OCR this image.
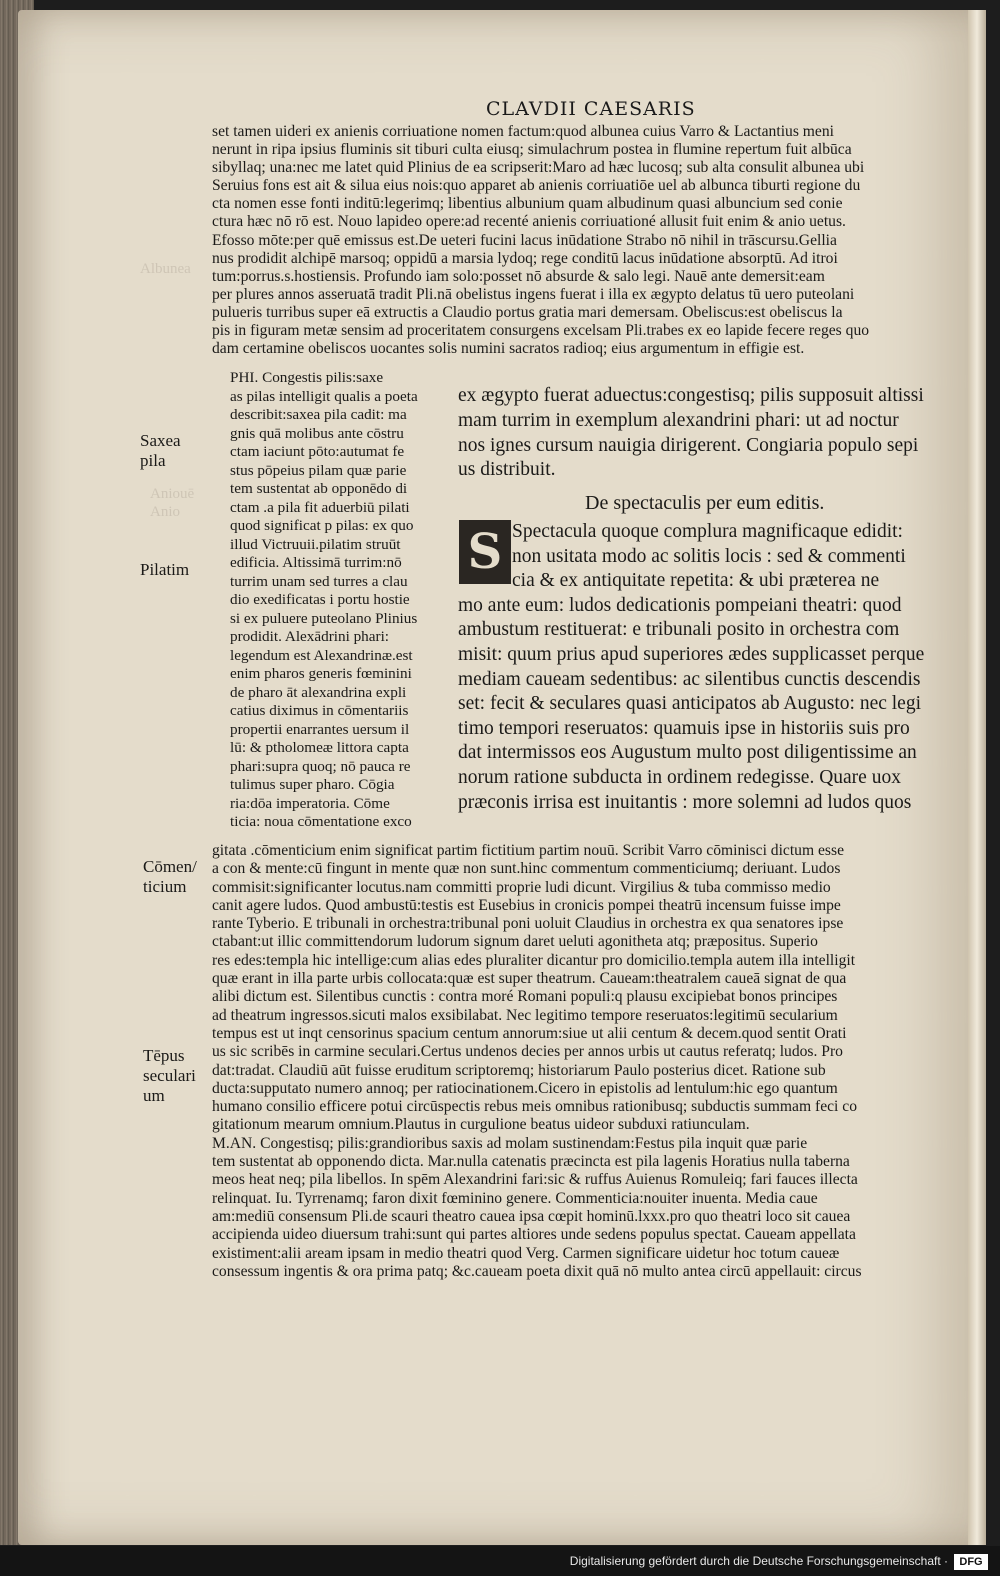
Albunea
Aniouē
Anio
CLAVDII CAESARIS
set tamen uideri ex anienis corriuatione nomen factum:quod albunea cuius Varro & Lactantius meni
nerunt in ripa ipsius fluminis sit tiburi culta eiusq; simulachrum postea in flumine repertum fuit albūca
sibyllaq; una:nec me latet quid Plinius de ea scripserit:Maro ad hæc lucosq; sub alta consulit albunea ubi
Seruius fons est ait & silua eius nois:quo apparet ab anienis corriuatiōe uel ab albunca tiburti regione du
cta nomen esse fonti inditū:legerimq; libentius albunium quam albudinum quasi albuncium sed conie
ctura hæc nō rō est. Nouo lapideo opere:ad recenté anienis corriuationé allusit fuit enim & anio uetus.
Efosso mōte:per quē emissus est.De ueteri fucini lacus inūdatione Strabo nō nihil in trāscursu.Gellia
nus prodidit alchipē marsoq; oppidū a marsia lydoq; rege conditū lacus inūdatione absorptū. Ad itroi
tum:porrus.s.hostiensis. Profundo iam solo:posset nō absurde & salo legi. Nauē ante demersit:eam
per plures annos asseruatā tradit Pli.nā obelistus ingens fuerat i illa ex ægypto delatus tū uero puteolani
pulueris turribus super eā extructis a Claudio portus gratia mari demersam. Obeliscus:est obeliscus la
pis in figuram metæ sensim ad proceritatem consurgens excelsam Pli.trabes ex eo lapide fecere reges quo
dam certamine obeliscos uocantes solis numini sacratos radioq; eius argumentum in effigie est.
PHI. Congestis pilis:saxe
as pilas intelligit qualis a poeta
describit:saxea pila cadit: ma
gnis quā molibus ante cōstru
ctam iaciunt pōto:autumat fe
stus pōpeius pilam quæ parie
tem sustentat ab opponēdo di
ctam .a pila fit aduerbiū pilati
quod significat p pilas: ex quo
illud Victruuii.pilatim struūt
edificia. Altissimā turrim:nō
turrim unam sed turres a clau
dio exedificatas i portu hostie
si ex puluere puteolano Plinius
prodidit. Alexādrini phari:
legendum est Alexandrinæ.est
enim pharos generis fœminini
de pharo āt alexandrina expli
catius diximus in cōmentariis
propertii enarrantes uersum il
lū: & ptholomeæ littora capta
phari:supra quoq; nō pauca re
tulimus super pharo. Cōgia
ria:dōa imperatoria. Cōme
ticia: noua cōmentatione exco
ex ægypto fuerat aduectus:congestisq; pilis supposuit altissi
mam turrim in exemplum alexandrini phari: ut ad noctur
nos ignes cursum nauigia dirigerent. Congiaria populo sepi
us distribuit.
De spectaculis per eum editis.
S Spectacula quoque complura magnificaque edidit:
non usitata modo ac solitis locis : sed & commenti
cia & ex antiquitate repetita: & ubi præterea ne
mo ante eum: ludos dedicationis pompeiani theatri: quod
ambustum restituerat: e tribunali posito in orchestra com
misit: quum prius apud superiores ædes supplicasset perque
mediam caueam sedentibus: ac silentibus cunctis descendis
set: fecit & seculares quasi anticipatos ab Augusto: nec legi
timo tempori reseruatos: quamuis ipse in historiis suis pro
dat intermissos eos Augustum multo post diligentissime an
norum ratione subducta in ordinem redegisse. Quare uox
præconis irrisa est inuitantis : more solemni ad ludos quos
gitata .cōmenticium enim significat partim fictitium partim nouū. Scribit Varro cōminisci dictum esse
a con & mente:cū fingunt in mente quæ non sunt.hinc commentum commenticiumq; deriuant. Ludos
commisit:significanter locutus.nam committi proprie ludi dicunt. Virgilius & tuba commisso medio
canit agere ludos. Quod ambustū:testis est Eusebius in cronicis pompei theatrū incensum fuisse impe
rante Tyberio. E tribunali in orchestra:tribunal poni uoluit Claudius in orchestra ex qua senatores ipse
ctabant:ut illic committendorum ludorum signum daret ueluti agonitheta atq; præpositus. Superio
res edes:templa hic intellige:cum alias edes pluraliter dicantur pro domicilio.templa autem illa intelligit
quæ erant in illa parte urbis collocata:quæ est super theatrum. Caueam:theatralem caueā signat de qua
alibi dictum est. Silentibus cunctis : contra moré Romani populi:q plausu excipiebat bonos principes
ad theatrum ingressos.sicuti malos exsibilabat. Nec legitimo tempore reseruatos:legitimū secularium
tempus est ut inqt censorinus spacium centum annorum:siue ut alii centum & decem.quod sentit Orati
us sic scribēs in carmine seculari.Certus undenos decies per annos urbis ut cautus referatq; ludos. Pro
dat:tradat. Claudiū aūt fuisse eruditum scriptoremq; historiarum Paulo posterius dicet. Ratione sub
ducta:supputato numero annoq; per ratiocinationem.Cicero in epistolis ad lentulum:hic ego quantum
humano consilio efficere potui circūspectis rebus meis omnibus rationibusq; subductis summam feci co
gitationum mearum omnium.Plautus in curgulione beatus uideor subduxi ratiunculam.
M.AN. Congestisq; pilis:grandioribus saxis ad molam sustinendam:Festus pila inquit quæ parie
tem sustentat ab opponendo dicta. Mar.nulla catenatis præcincta est pila lagenis Horatius nulla taberna
meos heat neq; pila libellos. In spēm Alexandrini fari:sic & ruffus Auienus Romuleiq; fari fauces illecta
relinquat. Iu. Tyrrenamq; faron dixit fœminino genere. Commenticia:nouiter inuenta. Media caue
am:mediū consensum Pli.de scauri theatro cauea ipsa cœpit hominū.lxxx.pro quo theatri loco sit cauea
accipienda uideo diuersum trahi:sunt qui partes altiores unde sedens populus spectat. Caueam appellata
existiment:alii aream ipsam in medio theatri quod Verg. Carmen significare uidetur hoc totum caueæ
consessum ingentis & ora prima patq; &c.caueam poeta dixit quā nō multo antea circū appellauit: circus
Saxea
pila
Pilatim
Cōmen/
ticium
Tēpus
seculari
um
Digitalisierung gefördert durch die Deutsche Forschungsgemeinschaft ·	DFG
